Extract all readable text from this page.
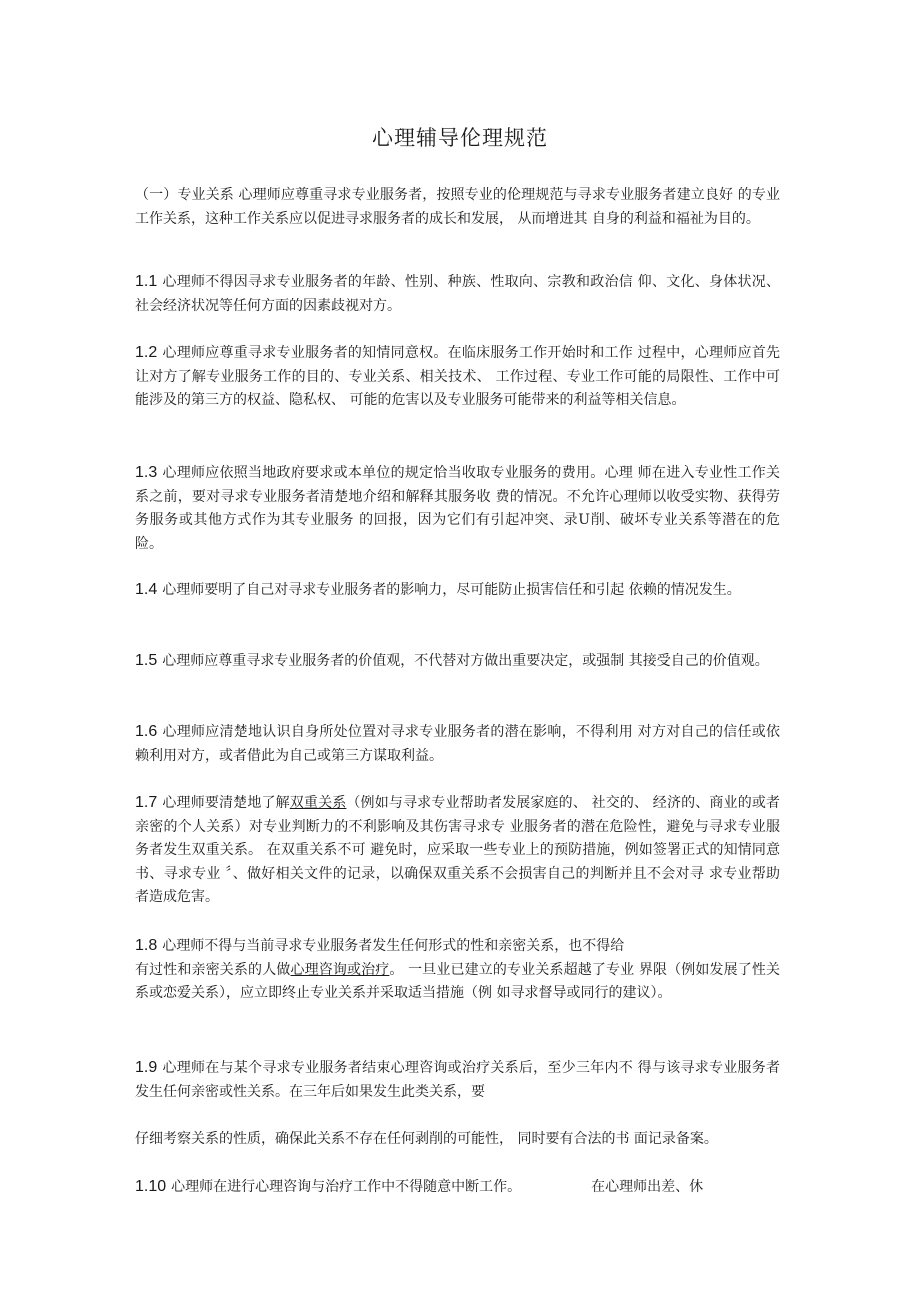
心理辅导伦理规范

（一）专业关系 心理师应尊重寻求专业服务者，按照专业的伦理规范与寻求专业服务者建立良好 的专业工作关系，这种工作关系应以促进寻求服务者的成长和发展， 从而增进其 自身的利益和福祉为目的。

1.1 心理师不得因寻求专业服务者的年龄、性别、种族、性取向、宗教和政治信 仰、文化、身体状况、社会经济状况等任何方面的因素歧视对方。

1.2 心理师应尊重寻求专业服务者的知情同意权。在临床服务工作开始时和工作 过程中，心理师应首先让对方了解专业服务工作的目的、专业关系、相关技术、 工作过程、专业工作可能的局限性、工作中可能涉及的第三方的权益、隐私权、 可能的危害以及专业服务可能带来的利益等相关信息。

1.3 心理师应依照当地政府要求或本单位的规定恰当收取专业服务的费用。心理 师在进入专业性工作关系之前，要对寻求专业服务者清楚地介绍和解释其服务收 费的情况。不允许心理师以收受实物、获得劳务服务或其他方式作为其专业服务 的回报，因为它们有引起冲突、录U削、破坏专业关系等潜在的危险。

1.4 心理师要明了自己对寻求专业服务者的影响力，尽可能防止损害信任和引起 依赖的情况发生。

1.5 心理师应尊重寻求专业服务者的价值观，不代替对方做出重要决定，或强制 其接受自己的价值观。

1.6 心理师应清楚地认识自身所处位置对寻求专业服务者的潜在影响，不得利用 对方对自己的信任或依赖利用对方，或者借此为自己或第三方谋取利益。

1.7 心理师要清楚地了解双重关系（例如与寻求专业帮助者发展家庭的、 社交的、 经济的、商业的或者亲密的个人关系）对专业判断力的不利影响及其伤害寻求专 业服务者的潜在危险性，避免与寻求专业服务者发生双重关系。 在双重关系不可 避免时，应采取一些专业上的预防措施，例如签署正式的知情同意书、寻求专业 〞、做好相关文件的记录，以确保双重关系不会损害自己的判断并且不会对寻 求专业帮助者造成危害。

1.8 心理师不得与当前寻求专业服务者发生任何形式的性和亲密关系，也不得给
有过性和亲密关系的人做心理咨询或治疗。 一旦业已建立的专业关系超越了专业 界限（例如发展了性关系或恋爱关系），应立即终止专业关系并采取适当措施（例 如寻求督导或同行的建议）。

1.9 心理师在与某个寻求专业服务者结束心理咨询或治疗关系后，至少三年内不 得与该寻求专业服务者发生任何亲密或性关系。在三年后如果发生此类关系，要

仔细考察关系的性质，确保此关系不存在任何剥削的可能性， 同时要有合法的书 面记录备案。

1.10 心理师在进行心理咨询与治疗工作中不得随意中断工作。	在心理师出差、休
